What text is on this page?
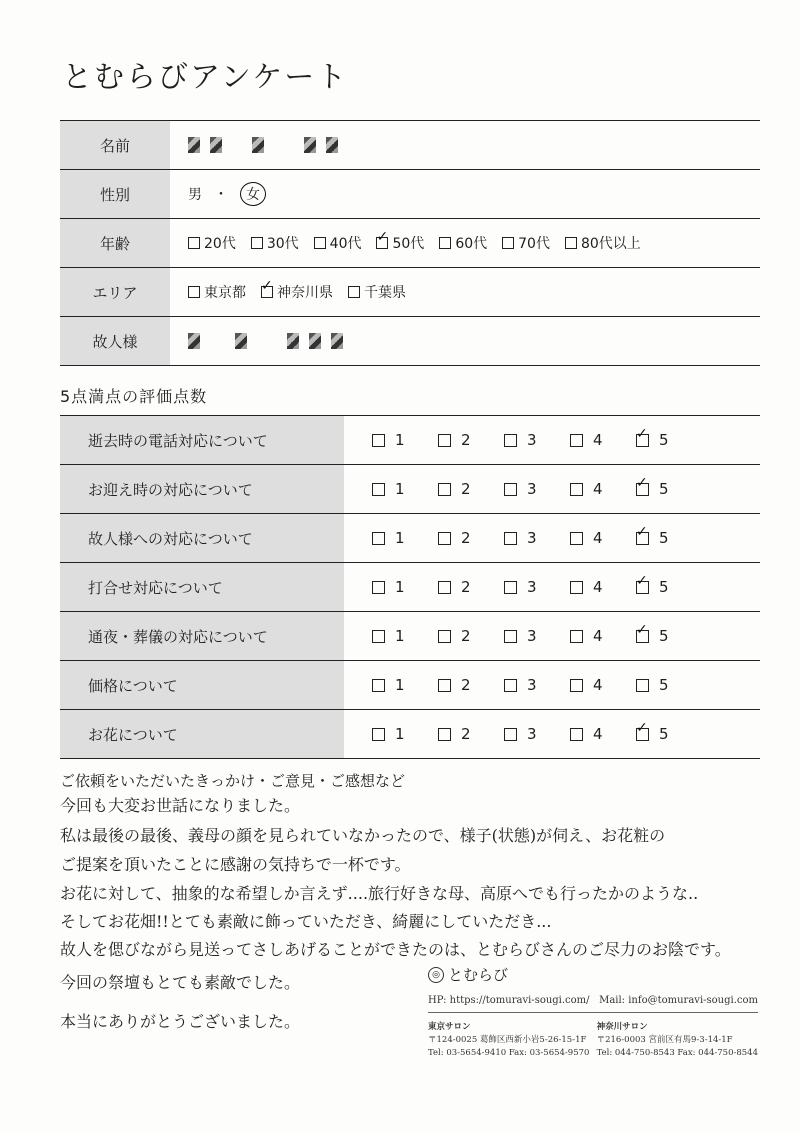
とむらびアンケート
名前
性別	男 ・	女
年齢	20代 30代 40代 ✓ 50代 60代 70代 80代以上
エリア	東京都 ✓ 神奈川県 千葉県
故人様
5点満点の評価点数
逝去時の電話対応について	1	2	3	4 ✓	5
お迎え時の対応について	1	2	3	4 ✓	5
故人様への対応について	1	2	3	4 ✓	5
打合せ対応について	1	2	3	4 ✓	5
通夜・葬儀の対応について	1	2	3	4 ✓	5
価格について	1	2	3	4	5
お花について	1	2	3	4 ✓	5
ご依頼をいただいたきっかけ・ご意見・ご感想など
今回も大変お世話になりました。
私は最後の最後、義母の顔を見られていなかったので、様子(状態)が伺え、お花粧の
ご提案を頂いたことに感謝の気持ちで一杯です。
お花に対して、抽象的な希望しか言えず....旅行好きな母、高原へでも行ったかのような..
そしてお花畑!!とても素敵に飾っていただき、綺麗にしていただき...
故人を偲びながら見送ってさしあげることができたのは、とむらびさんのご尽力のお陰です。
今回の祭壇もとても素敵でした。
本当にありがとうございました。
◎ とむらび
HP: https://tomuravi-sougi.com/ Mail: info@tomuravi-sougi.com
東京サロン
〒124-0025 葛飾区西新小岩5-26-15-1F
Tel: 03-5654-9410 Fax: 03-5654-9570
神奈川サロン
〒216-0003 宮前区有馬9-3-14-1F
Tel: 044-750-8543 Fax: 044-750-8544
